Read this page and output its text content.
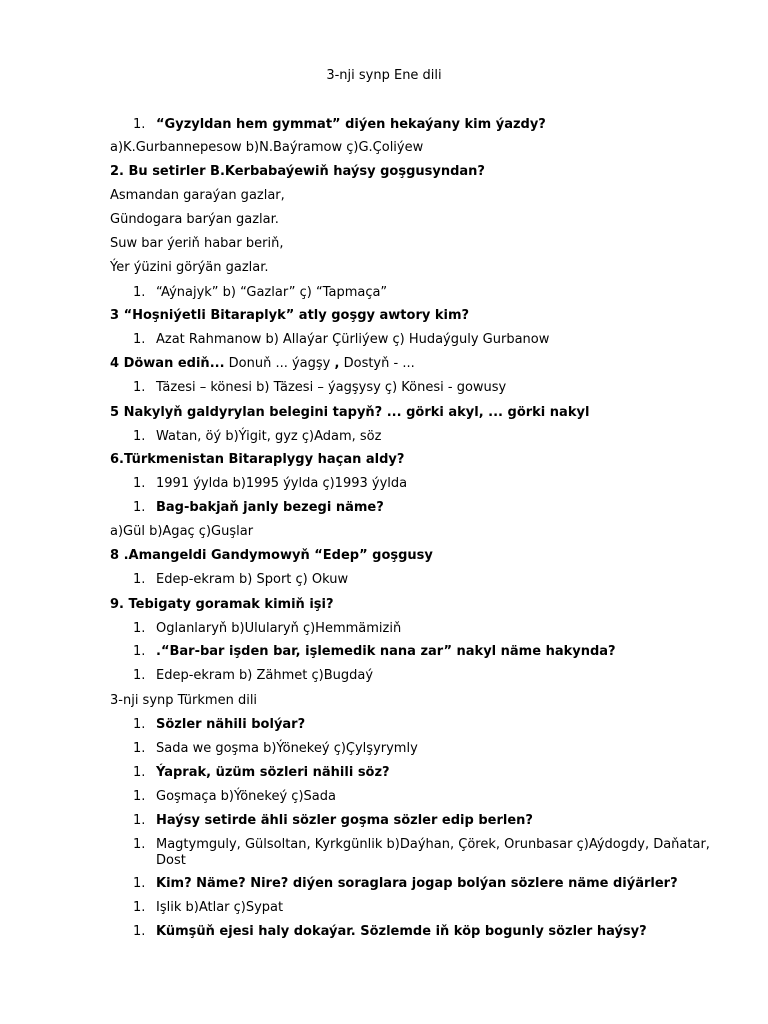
3-nji synp Ene dili
1. “Gyzyldan hem gymmat” diýen hekaýany kim ýazdy?
a)K.Gurbannepesow b)N.Baýramow ç)G.Çoliýew
2. Bu setirler B.Kerbabaýewiň haýsy goşgusyndan?
Asmandan garaýan gazlar,
Gündogara barýan gazlar.
Suw bar ýeriň habar beriň,
Ýer ýüzini görýän gazlar.
1. “Aýnajyk” b) “Gazlar” ç) “Tapmaça”
3 “Hoşniýetli Bitaraplyk” atly goşgy awtory kim?
1. Azat Rahmanow b) Allaýar Çürliýew ç) Hudaýguly Gurbanow
4 Döwan ediň... Donuň ... ýagşy , Dostyň - ...
1. Täzesi – könesi b) Täzesi – ýagşysy ç) Könesi - gowusy
5 Nakylyň galdyrylan belegini tapyň? ... görki akyl, ... görki nakyl
1. Watan, öý b)Ýigit, gyz ç)Adam, söz
6.Türkmenistan Bitaraplygy haçan aldy?
1. 1991 ýylda b)1995 ýylda ç)1993 ýylda
1. Bag-bakjaň janly bezegi näme?
a)Gül b)Agaç ç)Guşlar
8 .Amangeldi Gandymowyň “Edep” goşgusy
1. Edep-ekram b) Sport ç) Okuw
9. Tebigaty goramak kimiň işi?
1. Oglanlaryň b)Ulularyň ç)Hemmämiziň
1. .“Bar-bar işden bar, işlemedik nana zar” nakyl näme hakynda?
1. Edep-ekram b) Zähmet ç)Bugdaý
3-nji synp Türkmen dili
1. Sözler nähili bolýar?
1. Sada we goşma b)Ýönekeý ç)Çylşyrymly
1. Ýaprak, üzüm sözleri nähili söz?
1. Goşmaça b)Ýönekeý ç)Sada
1. Haýsy setirde ähli sözler goşma sözler edip berlen?
1. Magtymguly, Gülsoltan, Kyrkgünlik b)Daýhan, Çörek, Orunbasar ç)Aýdogdy, Daňatar, Dost
1. Kim? Näme? Nire? diýen soraglara jogap bolýan sözlere näme diýärler?
1. Işlik b)Atlar ç)Sypat
1. Kümşüň ejesi haly dokaýar. Sözlemde iň köp bogunly sözler haýsy?
